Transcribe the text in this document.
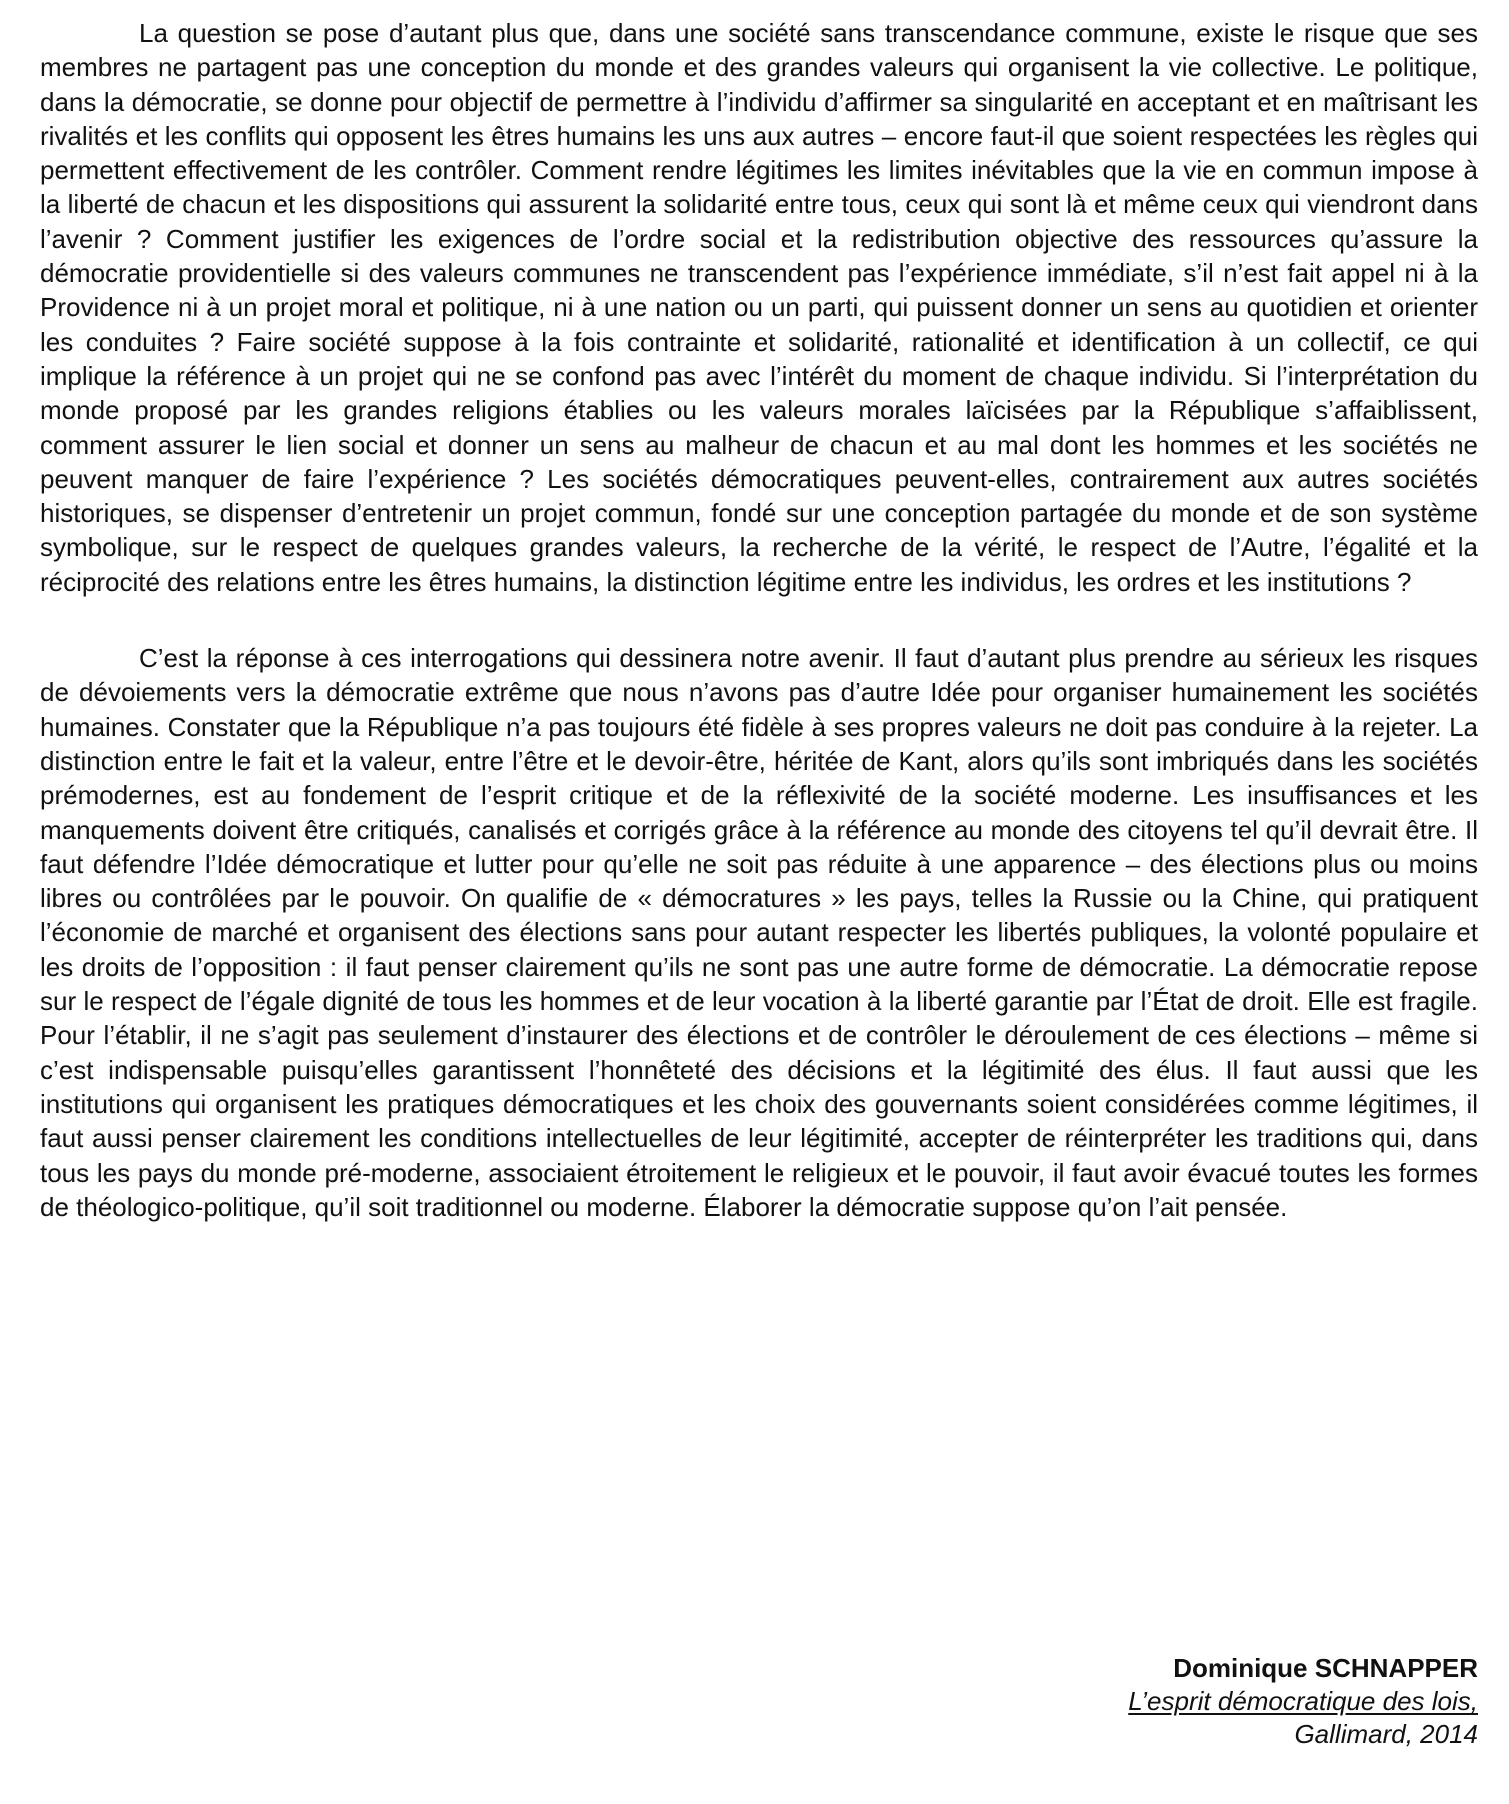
La question se pose d’autant plus que, dans une société sans transcendance commune, existe le risque que ses membres ne partagent pas une conception du monde et des grandes valeurs qui organisent la vie collective. Le politique, dans la démocratie, se donne pour objectif de permettre à l’individu d’affirmer sa singularité en acceptant et en maîtrisant les rivalités et les conflits qui opposent les êtres humains les uns aux autres – encore faut-il que soient respectées les règles qui permettent effectivement de les contrôler. Comment rendre légitimes les limites inévitables que la vie en commun impose à la liberté de chacun et les dispositions qui assurent la solidarité entre tous, ceux qui sont là et même ceux qui viendront dans l’avenir ? Comment justifier les exigences de l’ordre social et la redistribution objective des ressources qu’assure la démocratie providentielle si des valeurs communes ne transcendent pas l’expérience immédiate, s’il n’est fait appel ni à la Providence ni à un projet moral et politique, ni à une nation ou un parti, qui puissent donner un sens au quotidien et orienter les conduites ? Faire société suppose à la fois contrainte et solidarité, rationalité et identification à un collectif, ce qui implique la référence à un projet qui ne se confond pas avec l’intérêt du moment de chaque individu. Si l’interprétation du monde proposé par les grandes religions établies ou les valeurs morales laïcisées par la République s’affaiblissent, comment assurer le lien social et donner un sens au malheur de chacun et au mal dont les hommes et les sociétés ne peuvent manquer de faire l’expérience ? Les sociétés démocratiques peuvent-elles, contrairement aux autres sociétés historiques, se dispenser d’entretenir un projet commun, fondé sur une conception partagée du monde et de son système symbolique, sur le respect de quelques grandes valeurs, la recherche de la vérité, le respect de l’Autre, l’égalité et la réciprocité des relations entre les êtres humains, la distinction légitime entre les individus, les ordres et les institutions ?

C’est la réponse à ces interrogations qui dessinera notre avenir. Il faut d’autant plus prendre au sérieux les risques de dévoiements vers la démocratie extrême que nous n’avons pas d’autre Idée pour organiser humainement les sociétés humaines. Constater que la République n’a pas toujours été fidèle à ses propres valeurs ne doit pas conduire à la rejeter. La distinction entre le fait et la valeur, entre l’être et le devoir-être, héritée de Kant, alors qu’ils sont imbriqués dans les sociétés prémodernes, est au fondement de l’esprit critique et de la réflexivité de la société moderne. Les insuffisances et les manquements doivent être critiqués, canalisés et corrigés grâce à la référence au monde des citoyens tel qu’il devrait être. Il faut défendre l’Idée démocratique et lutter pour qu’elle ne soit pas réduite à une apparence – des élections plus ou moins libres ou contrôlées par le pouvoir. On qualifie de « démocratures » les pays, telles la Russie ou la Chine, qui pratiquent l’économie de marché et organisent des élections sans pour autant respecter les libertés publiques, la volonté populaire et les droits de l’opposition : il faut penser clairement qu’ils ne sont pas une autre forme de démocratie. La démocratie repose sur le respect de l’égale dignité de tous les hommes et de leur vocation à la liberté garantie par l’État de droit. Elle est fragile. Pour l’établir, il ne s’agit pas seulement d’instaurer des élections et de contrôler le déroulement de ces élections – même si c’est indispensable puisqu’elles garantissent l’honnêteté des décisions et la légitimité des élus. Il faut aussi que les institutions qui organisent les pratiques démocratiques et les choix des gouvernants soient considérées comme légitimes, il faut aussi penser clairement les conditions intellectuelles de leur légitimité, accepter de réinterpréter les traditions qui, dans tous les pays du monde pré-moderne, associaient étroitement le religieux et le pouvoir, il faut avoir évacué toutes les formes de théologico-politique, qu’il soit traditionnel ou moderne. Élaborer la démocratie suppose qu’on l’ait pensée.

Dominique SCHNAPPER
L’esprit démocratique des lois,
Gallimard, 2014
